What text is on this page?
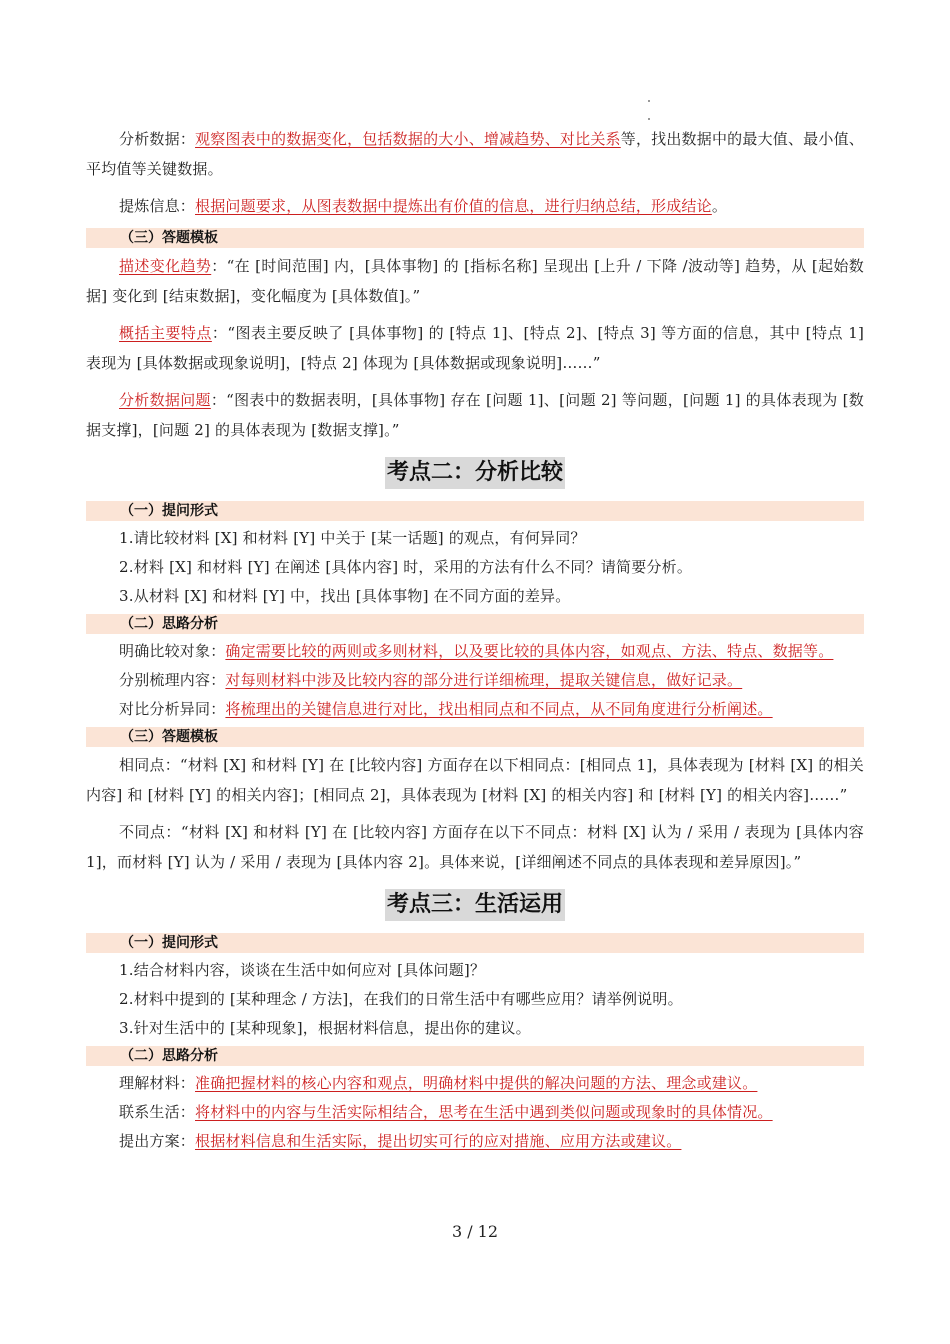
分析数据：观察图表中的数据变化，包括数据的大小、增减趋势、对比关系等，找出数据中的最大值、最小值、平均值等关键数据。

提炼信息：根据问题要求，从图表数据中提炼出有价值的信息，进行归纳总结，形成结论。

（三）答题模板

描述变化趋势：“在 [时间范围] 内，[具体事物] 的 [指标名称] 呈现出 [上升 / 下降 /波动等] 趋势，从 [起始数据] 变化到 [结束数据]，变化幅度为 [具体数值]。”

概括主要特点：“图表主要反映了 [具体事物] 的 [特点 1]、[特点 2]、[特点 3] 等方面的信息，其中 [特点 1] 表现为 [具体数据或现象说明]，[特点 2] 体现为 [具体数据或现象说明]……”

分析数据问题：“图表中的数据表明，[具体事物] 存在 [问题 1]、[问题 2] 等问题，[问题 1] 的具体表现为 [数据支撑]，[问题 2] 的具体表现为 [数据支撑]。”

考点二：分析比较
（一）提问形式

1.请比较材料 [X] 和材料 [Y] 中关于 [某一话题] 的观点，有何异同？

2.材料 [X] 和材料 [Y] 在阐述 [具体内容] 时，采用的方法有什么不同？请简要分析。

3.从材料 [X] 和材料 [Y] 中，找出 [具体事物] 在不同方面的差异。

（二）思路分析

明确比较对象：确定需要比较的两则或多则材料，以及要比较的具体内容，如观点、方法、特点、数据等。

分别梳理内容：对每则材料中涉及比较内容的部分进行详细梳理，提取关键信息，做好记录。

对比分析异同：将梳理出的关键信息进行对比，找出相同点和不同点，从不同角度进行分析阐述。

（三）答题模板

相同点：“材料 [X] 和材料 [Y] 在 [比较内容] 方面存在以下相同点：[相同点 1]，具体表现为 [材料 [X] 的相关内容] 和 [材料 [Y] 的相关内容]；[相同点 2]，具体表现为 [材料 [X] 的相关内容] 和 [材料 [Y] 的相关内容]……”

不同点：“材料 [X] 和材料 [Y] 在 [比较内容] 方面存在以下不同点：材料 [X] 认为 / 采用 / 表现为 [具体内容 1]，而材料 [Y] 认为 / 采用 / 表现为 [具体内容 2]。具体来说，[详细阐述不同点的具体表现和差异原因]。”

考点三：生活运用
（一）提问形式

1.结合材料内容，谈谈在生活中如何应对 [具体问题]？

2.材料中提到的 [某种理念 / 方法]，在我们的日常生活中有哪些应用？请举例说明。

3.针对生活中的 [某种现象]，根据材料信息，提出你的建议。

（二）思路分析

理解材料：准确把握材料的核心内容和观点，明确材料中提供的解决问题的方法、理念或建议。

联系生活：将材料中的内容与生活实际相结合，思考在生活中遇到类似问题或现象时的具体情况。

提出方案：根据材料信息和生活实际，提出切实可行的应对措施、应用方法或建议。

3 / 12
